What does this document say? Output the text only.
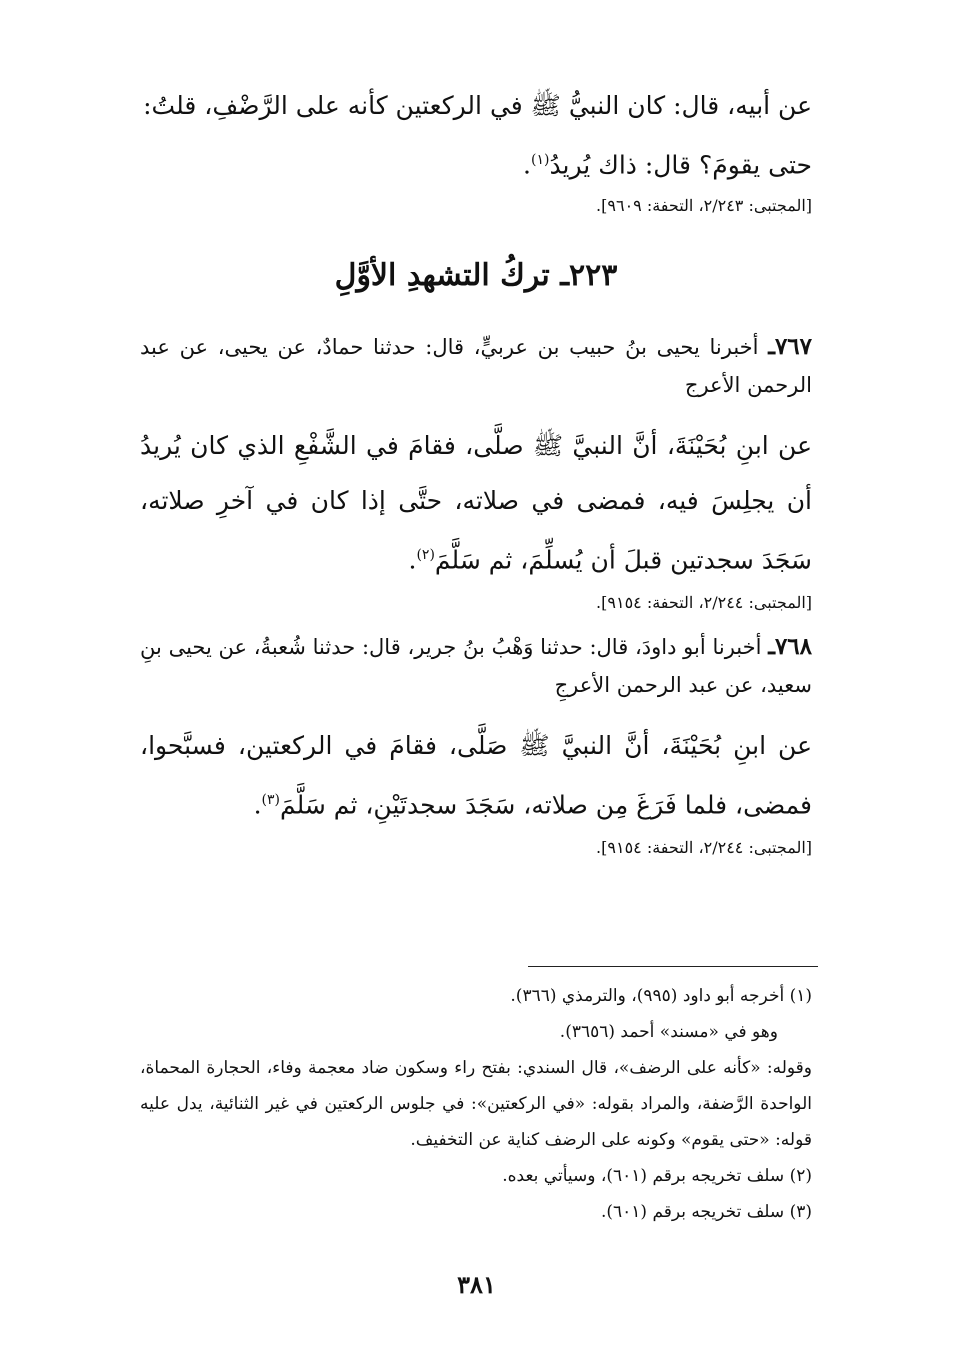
عن أبيه، قال: كان النبيُّ ﷺ في الركعتين كأنه على الرَّضْفِ، قلتُ:

حتى يقومَ؟ قال: ذاك يُريدُ$^{(١)}$.

[المجتبى: ٢/٢٤٣، التحفة: ٩٦٠٩].

٢٢٣ـ تركُ التشهدِ الأوَّلِ

٧٦٧ـ أخبرنا يحيى بنُ حبيب بن عربيٍّ، قال: حدثنا حمادٌ، عن يحيى، عن عبد الرحمن الأعرج

عن ابنِ بُحَيْنَةَ، أنَّ النبيَّ ﷺ صلَّى، فقامَ في الشَّفْعِ الذي كان يُريدُ أن يجلِسَ فيه، فمضى في صلاته، حتَّى إذا كان في آخرِ صلاته، سَجَدَ سجدتين قبلَ أن يُسلِّمَ، ثم سَلَّمَ$^{(٢)}$.

[المجتبى: ٢/٢٤٤، التحفة: ٩١٥٤].

٧٦٨ـ أخبرنا أبو داودَ، قال: حدثنا وَهْبُ بنُ جرير، قال: حدثنا شُعبةُ، عن يحيى بنِ سعيد، عن عبد الرحمن الأعرجِ

عن ابنِ بُحَيْنَةَ، أنَّ النبيَّ ﷺ صَلَّى، فقامَ في الركعتين، فسبَّحوا، فمضى، فلما فَرَغَ مِن صلاته، سَجَدَ سجدتَيْنِ، ثم سَلَّمَ$^{(٣)}$.

[المجتبى: ٢/٢٤٤، التحفة: ٩١٥٤].

(١) أخرجه أبو داود (٩٩٥)، والترمذي (٣٦٦).

وهو في «مسند» أحمد (٣٦٥٦).

وقوله: «كأنه على الرضف»، قال السندي: بفتح راء وسكون ضاد معجمة وفاء، الحجارة المحماة، الواحدة الرَّضفة، والمراد بقوله: «في الركعتين»: في جلوس الركعتين في غير الثنائية، يدل عليه قوله: «حتى يقوم» وكونه على الرضف كناية عن التخفيف.

(٢) سلف تخريجه برقم (٦٠١)، وسيأتي بعده.

(٣) سلف تخريجه برقم (٦٠١).

٣٨١
